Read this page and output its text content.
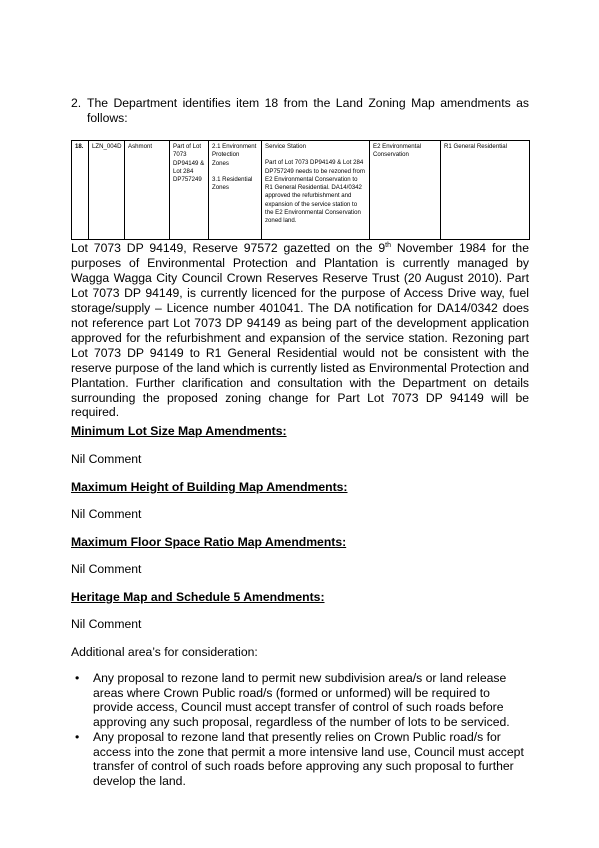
2. The Department identifies item 18 from the Land Zoning Map amendments as follows:
18.	LZN_004D	Ashmont	Part of Lot 7073 DP94149 & Lot 284 DP757249	2.1 Environment Protection Zones
3.1 Residential Zones	Service Station
Part of Lot 7073 DP94149 & Lot 284 DP757249 needs to be rezoned from E2 Environmental Conservation to R1 General Residential. DA14/0342 approved the refurbishment and expansion of the service station to the E2 Environmental Conservation zoned land.	E2 Environmental Conservation	R1 General Residential
Lot 7073 DP 94149, Reserve 97572 gazetted on the 9th November 1984 for the purposes of Environmental Protection and Plantation is currently managed by Wagga Wagga City Council Crown Reserves Reserve Trust (20 August 2010). Part Lot 7073 DP 94149, is currently licenced for the purpose of Access Drive way, fuel storage/supply – Licence number 401041. The DA notification for DA14/0342 does not reference part Lot 7073 DP 94149 as being part of the development application approved for the refurbishment and expansion of the service station. Rezoning part Lot 7073 DP 94149 to R1 General Residential would not be consistent with the reserve purpose of the land which is currently listed as Environmental Protection and Plantation. Further clarification and consultation with the Department on details surrounding the proposed zoning change for Part Lot 7073 DP 94149 will be required.
Minimum Lot Size Map Amendments:
Nil Comment
Maximum Height of Building Map Amendments:
Nil Comment
Maximum Floor Space Ratio Map Amendments:
Nil Comment
Heritage Map and Schedule 5 Amendments:
Nil Comment
Additional area’s for consideration:
• Any proposal to rezone land to permit new subdivision area/s or land release areas where Crown Public road/s (formed or unformed) will be required to provide access, Council must accept transfer of control of such roads before approving any such proposal, regardless of the number of lots to be serviced.
• Any proposal to rezone land that presently relies on Crown Public road/s for access into the zone that permit a more intensive land use, Council must accept transfer of control of such roads before approving any such proposal to further develop the land.
